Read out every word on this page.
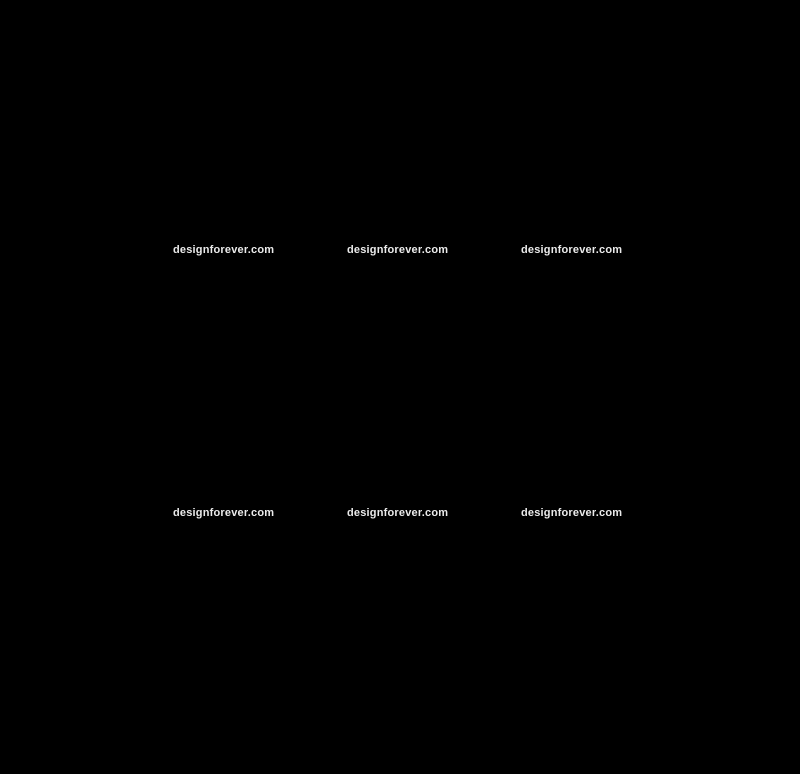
designforever.com	designforever.com	designforever.com
designforever.com	designforever.com	designforever.com
